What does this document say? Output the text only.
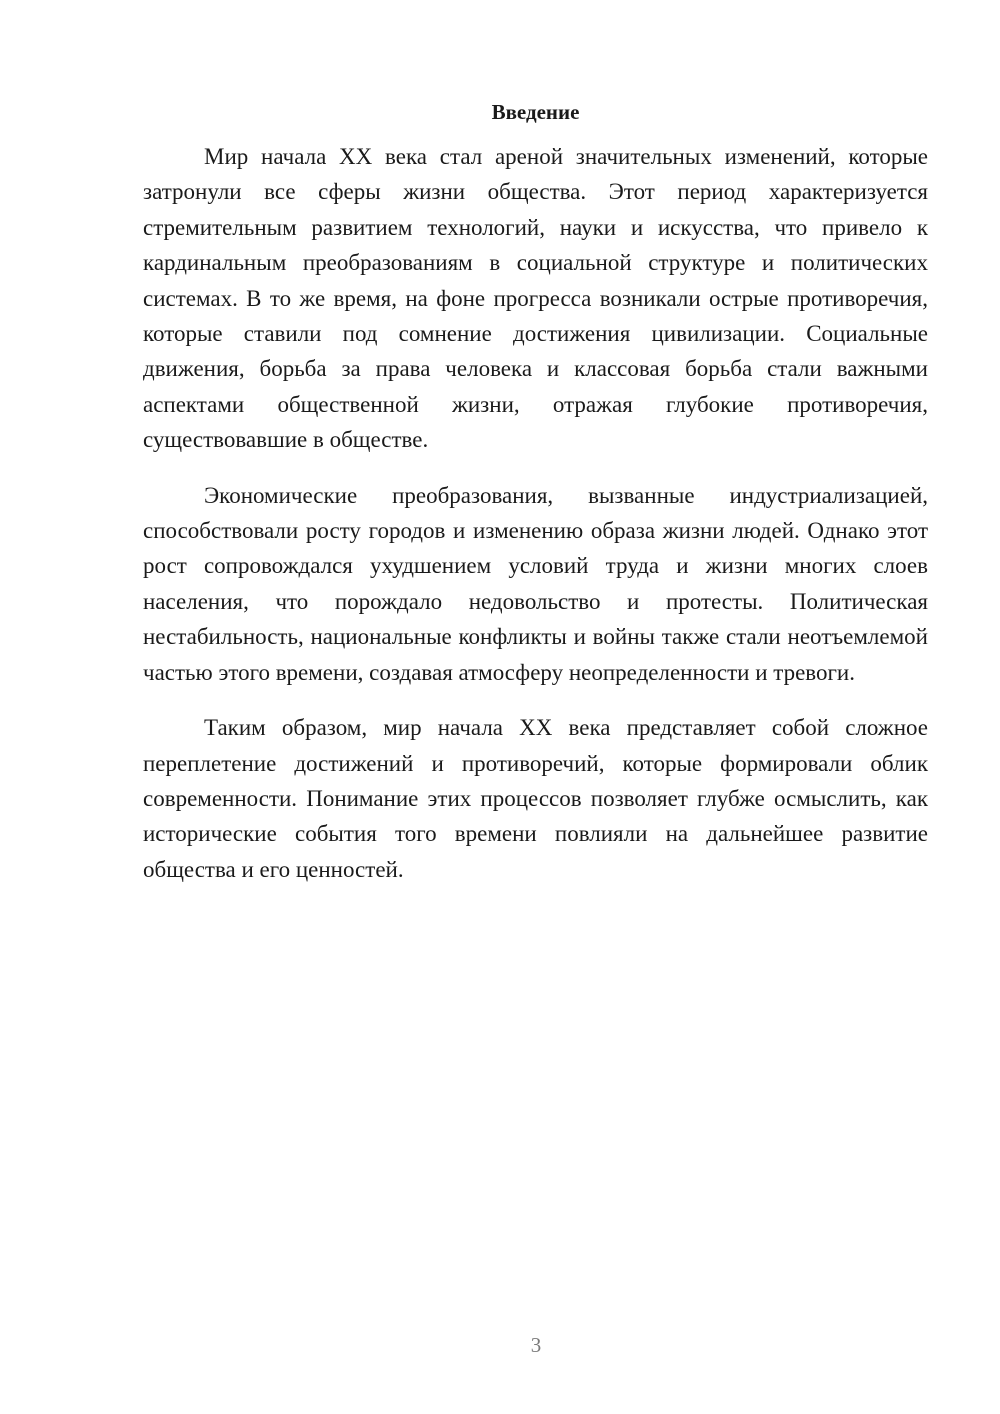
Введение

Мир начала XX века стал ареной значительных изменений, которые затронули все сферы жизни общества. Этот период характеризуется стремительным развитием технологий, науки и искусства, что привело к кардинальным преобразованиям в социальной структуре и политических системах. В то же время, на фоне прогресса возникали острые противоречия, которые ставили под сомнение достижения цивилизации. Социальные движения, борьба за права человека и классовая борьба стали важными аспектами общественной жизни, отражая глубокие противоречия, существовавшие в обществе.

Экономические преобразования, вызванные индустриализацией, способствовали росту городов и изменению образа жизни людей. Однако этот рост сопровождался ухудшением условий труда и жизни многих слоев населения, что порождало недовольство и протесты. Политическая нестабильность, национальные конфликты и войны также стали неотъемлемой частью этого времени, создавая атмосферу неопределенности и тревоги.

Таким образом, мир начала XX века представляет собой сложное переплетение достижений и противоречий, которые формировали облик современности. Понимание этих процессов позволяет глубже осмыслить, как исторические события того времени повлияли на дальнейшее развитие общества и его ценностей.

3
